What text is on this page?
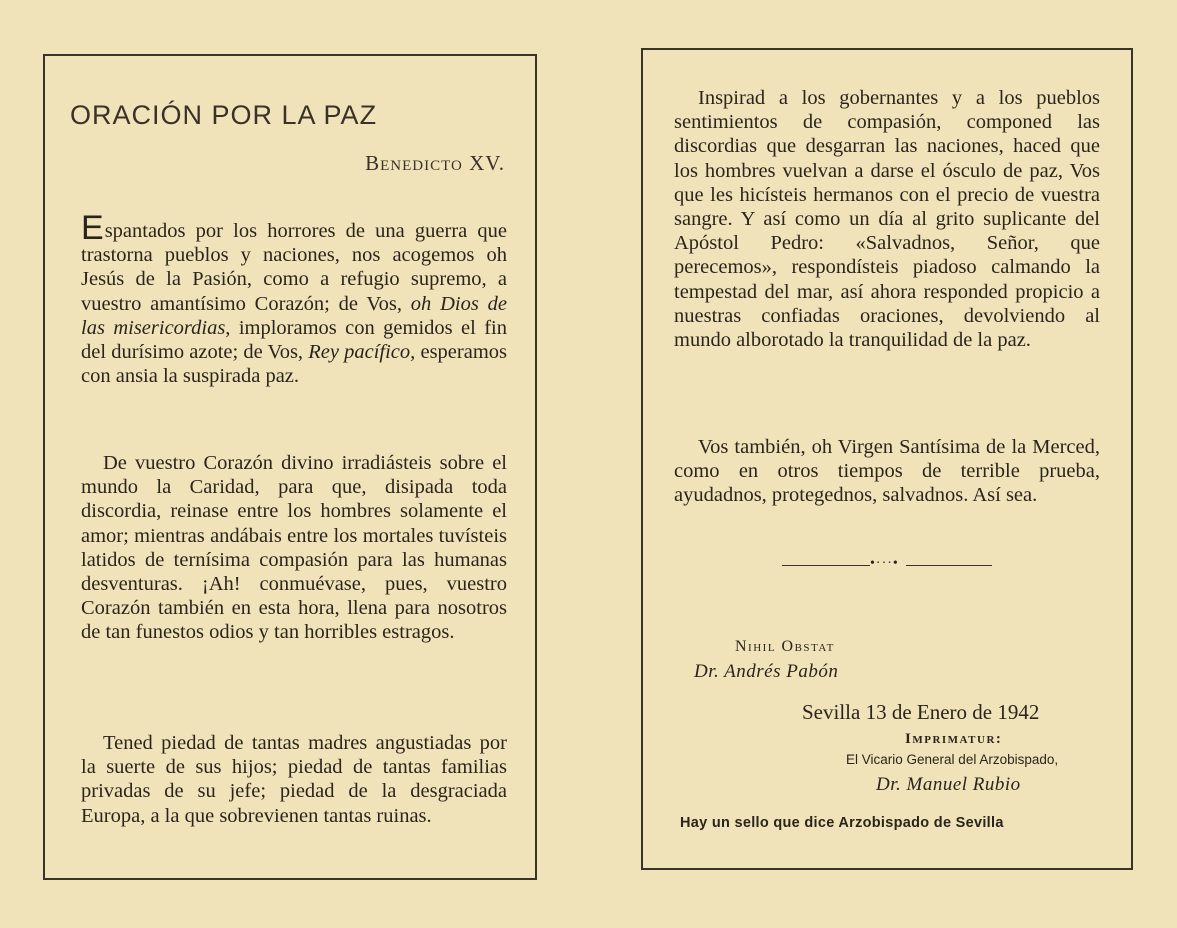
ORACIÓN POR LA PAZ
Benedicto XV.

Espantados por los horrores de una guerra que trastorna pueblos y naciones, nos acogemos oh Jesús de la Pasión, como a refugio supremo, a vuestro amantísimo Corazón; de Vos, oh Dios de las misericordias, imploramos con gemidos el fin del durísimo azote; de Vos, Rey pacífico, esperamos con ansia la suspirada paz.

De vuestro Corazón divino irradiásteis sobre el mundo la Caridad, para que, disipada toda discordia, reinase entre los hombres solamente el amor; mientras andábais entre los mortales tuvísteis latidos de ternísima compasión para las humanas desventuras. ¡Ah! conmuévase, pues, vuestro Corazón también en esta hora, llena para nosotros de tan funestos odios y tan horribles estragos.

Tened piedad de tantas madres angustiadas por la suerte de sus hijos; piedad de tantas familias privadas de su jefe; piedad de la desgraciada Europa, a la que sobrevienen tantas ruinas.

Inspirad a los gobernantes y a los pueblos sentimientos de compasión, componed las discordias que desgarran las naciones, haced que los hombres vuelvan a darse el ósculo de paz, Vos que les hicísteis hermanos con el precio de vuestra sangre. Y así como un día al grito suplicante del Apóstol Pedro: «Salvadnos, Señor, que perecemos», respondísteis piadoso calmando la tempestad del mar, así ahora responded propicio a nuestras confiadas oraciones, devolviendo al mundo alborotado la tranquilidad de la paz.

Vos también, oh Virgen Santísima de la Merced, como en otros tiempos de terrible prueba, ayudadnos, protegednos, salvadnos. Así sea.

•···•
Nihil Obstat
Dr. Andrés Pabón
Sevilla 13 de Enero de 1942
Imprimatur:
El Vicario General del Arzobispado,
Dr. Manuel Rubio
Hay un sello que dice Arzobispado de Sevilla
